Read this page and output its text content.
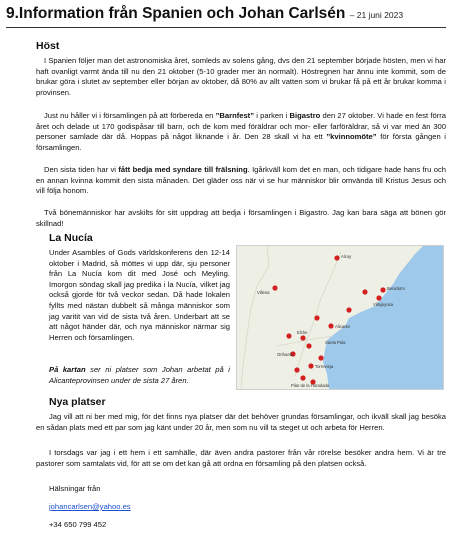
9.Information från Spanien och Johan Carlsén – 21 juni 2023
Höst

I Spanien följer man det astronomiska året, somleds av solens gång, dvs den 21 september började hösten, men vi har haft ovanligt varmt ända till nu den 21 oktober (5-10 grader mer än normalt). Höstregnen har ännu inte kommit, som de brukar göra i slutet av september eller början av oktober, då 80% av allt vatten som vi brukar få på ett år brukar komma i provinsen.

Just nu håller vi i församlingen på att förbereda en ”Barnfest” i parken i Bigastro den 27 oktober. Vi hade en fest förra året och delade ut 170 godispåsar till barn, och de kom med föräldrar och mor- eller farföräldrar, så vi var med än 300 personer samlade där då. Hoppas på något liknande i år. Den 28 skall vi ha ett ”kvinnomöte” för första gången i församlingen.

Den sista tiden har vi fått bedja med syndare till frälsning. Igårkväll kom det en man, och tidigare hade hans fru och en annan kvinna kommit den sista månaden. Det gläder oss när vi se hur människor blir omvända till Kristus Jesus och vill följa honom.

Två bönemänniskor har avskilts för sitt uppdrag att bedja i församlingen i Bigastro. Jag kan bara säga att bönen gör skillnad!

La Nucía

Under Asambles of Gods världskonferens den 12-14 oktober i Madrid, så möttes vi upp där, sju personer från La Nucía kom dit med José och Meyling. Imorgon söndag skall jag predika i la Nucía, vilket jag också gjorde för två veckor sedan. Då hade lokalen fyllts med nästan dubbelt så många människor som jag varitit van vid de sista två åren. Underbart att se att något händer där, och nya människor närmar sig Herren och församlingen.

På kartan ser ni platser som Johan arbetat på i Alicanteprovinsen under de sista 27 åren.

Alcoy
Villena
Benidorm
Villajoyosa
Alicante
Elche
Santa Pola
Orihuela
Torrevieja
Pilar de la Horadada
Nya platser

Jag vill att ni ber med mig, för det finns nya platser där det behöver grundas församlingar, och ikväll skall jag besöka en sådan plats med ett par som jag känt under 20 år, men som nu vill ta steget ut och arbeta för Herren.

I torsdags var jag i ett hem i ett samhälle, där även andra pastorer från vår rörelse besöker andra hem. Vi är tre pastorer som samtalats vid, för att se om det kan gå att ordna en församling på den platsen också.

Hälsningar från

johancarlsen@yahoo.es

+34 650 799 452
